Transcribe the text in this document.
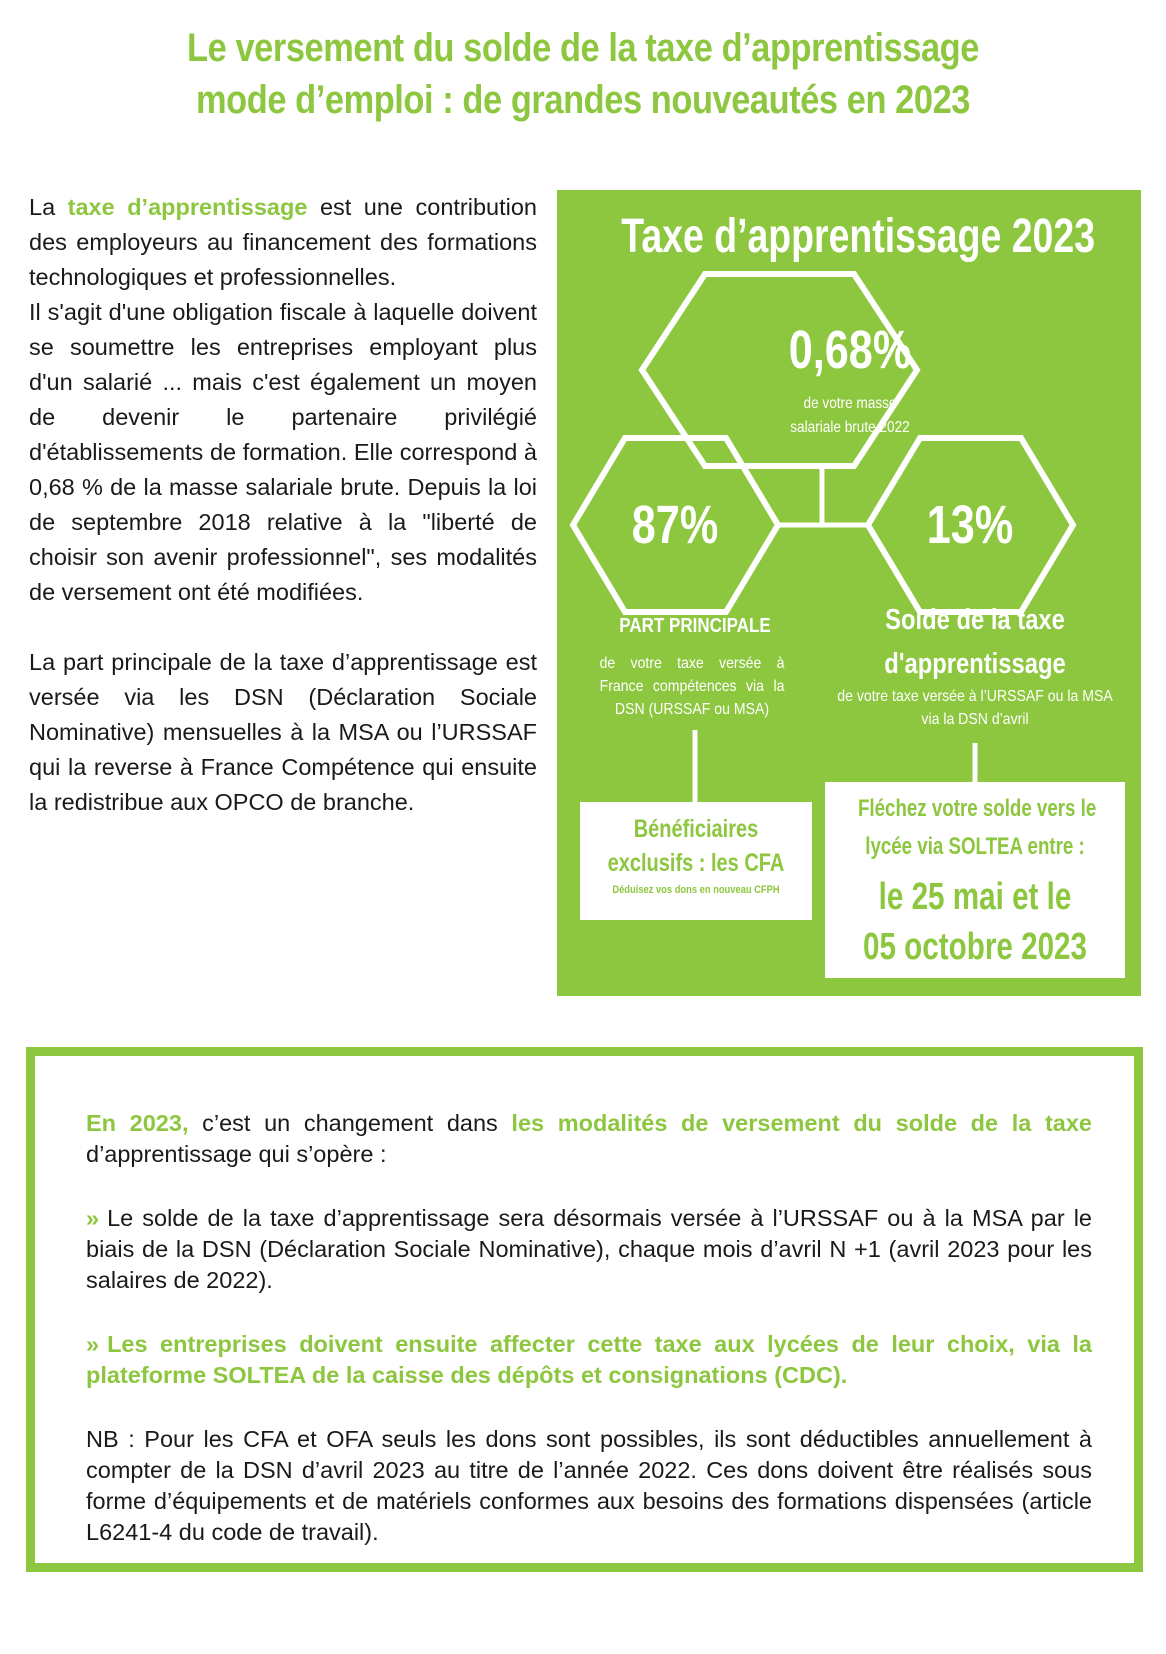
Le versement du solde de la taxe d’apprentissage
mode d’emploi : de grandes nouveautés en 2023

La taxe d’apprentissage est une contribution des employeurs au financement des formations technologiques et professionnelles.

Il s'agit d'une obligation fiscale à laquelle doivent se soumettre les entreprises employant plus d'un salarié ... mais c'est également un moyen de devenir le partenaire privilégié d'établissements de formation. Elle correspond à 0,68 % de la masse salariale brute. Depuis la loi de septembre 2018 relative à la "liberté de choisir son avenir professionnel", ses modalités de versement ont été modifiées.

La part principale de la taxe d’apprentissage est versée via les DSN (Déclaration Sociale Nominative) mensuelles à la MSA ou l’URSSAF qui la reverse à France Compétence qui ensuite la redistribue aux OPCO de branche.

Taxe d’apprentissage 2023
0,68%
de votre masse salariale brute 2022
87%	13%
PART PRINCIPALE
de votre taxe versée à France compétences via la DSN (URSSAF ou MSA)
Solde de la taxe
d'apprentissage
de votre taxe versée à l’URSSAF ou la MSA via la DSN d’avril
Bénéficiaires
exclusifs : les CFA
Déduisez vos dons en nouveau CFPH
Fléchez votre solde vers le
lycée via SOLTEA entre :
le 25 mai et le
05 octobre 2023

En 2023, c’est un changement dans les modalités de versement du solde de la taxe d’apprentissage qui s’opère :

» Le solde de la taxe d’apprentissage sera désormais versée à l’URSSAF ou à la MSA par le biais de la DSN (Déclaration Sociale Nominative), chaque mois d’avril N +1 (avril 2023 pour les salaires de 2022).

» Les entreprises doivent ensuite affecter cette taxe aux lycées de leur choix, via la plateforme SOLTEA de la caisse des dépôts et consignations (CDC).

NB : Pour les CFA et OFA seuls les dons sont possibles, ils sont déductibles annuellement à compter de la DSN d’avril 2023 au titre de l’année 2022. Ces dons doivent être réalisés sous forme d’équipements et de matériels conformes aux besoins des formations dispensées (article L6241-4 du code de travail).
